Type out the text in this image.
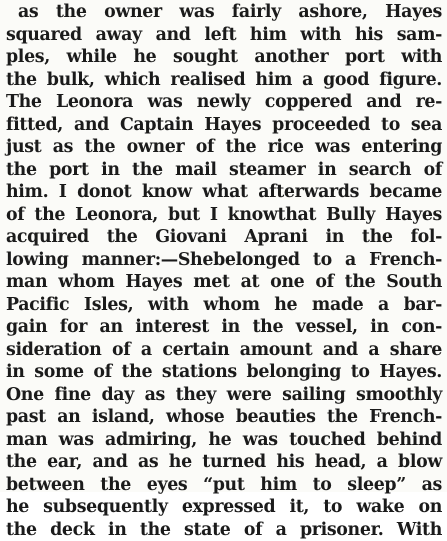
as the owner was fairly ashore, Hayes
squared away and left him with his sam-
ples, while he sought another port with
the bulk, which realised him a good figure.
The Leonora was newly coppered and re-
fitted, and Captain Hayes proceeded to sea
just as the owner of the rice was entering
the port in the mail steamer in search of
him. I donot know what afterwards became
of the Leonora, but I knowthat Bully Hayes
acquired the Giovani Aprani in the fol-
lowing manner:—Shebelonged to a French-
man whom Hayes met at one of the South
Pacific Isles, with whom he made a bar-
gain for an interest in the vessel, in con-
sideration of a certain amount and a share
in some of the stations belonging to Hayes.
One fine day as they were sailing smoothly
past an island, whose beauties the French-
man was admiring, he was touched behind
the ear, and as he turned his head, a blow
between the eyes “put him to sleep” as
he subsequently expressed it, to wake on
the deck in the state of a prisoner. With
